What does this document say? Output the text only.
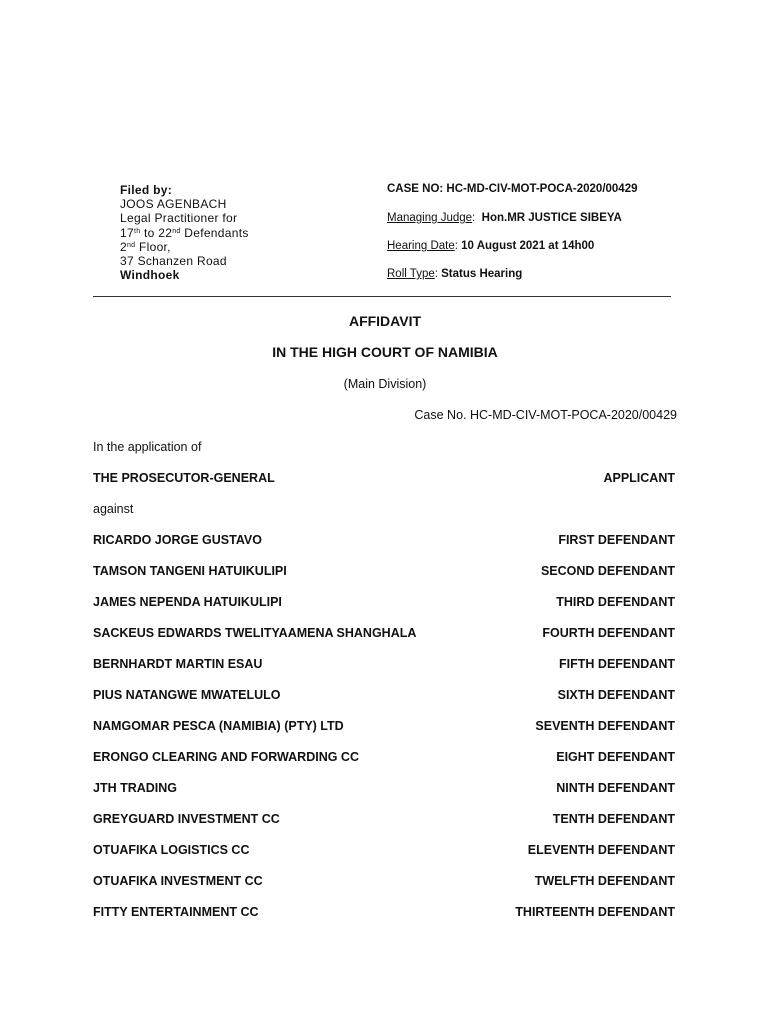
Filed by:
JOOS AGENBACH
Legal Practitioner for
17th to 22nd Defendants
2nd Floor,
37 Schanzen Road
Windhoek
CASE NO: HC-MD-CIV-MOT-POCA-2020/00429
Managing Judge:  Hon.MR JUSTICE SIBEYA
Hearing Date: 10 August 2021 at 14h00
Roll Type: Status Hearing
AFFIDAVIT
IN THE HIGH COURT OF NAMIBIA
(Main Division)
Case No. HC-MD-CIV-MOT-POCA-2020/00429
In the application of
THE PROSECUTOR-GENERAL	APPLICANT
against
RICARDO JORGE GUSTAVO	FIRST DEFENDANT
TAMSON TANGENI HATUIKULIPI	SECOND DEFENDANT
JAMES NEPENDA HATUIKULIPI	THIRD DEFENDANT
SACKEUS EDWARDS TWELITYAAMENA SHANGHALA	FOURTH DEFENDANT
BERNHARDT MARTIN ESAU	FIFTH DEFENDANT
PIUS NATANGWE MWATELULO	SIXTH DEFENDANT
NAMGOMAR PESCA (NAMIBIA) (PTY) LTD	SEVENTH DEFENDANT
ERONGO CLEARING AND FORWARDING CC	EIGHT DEFENDANT
JTH TRADING	NINTH DEFENDANT
GREYGUARD INVESTMENT CC	TENTH DEFENDANT
OTUAFIKA LOGISTICS CC	ELEVENTH DEFENDANT
OTUAFIKA INVESTMENT CC	TWELFTH DEFENDANT
FITTY ENTERTAINMENT CC	THIRTEENTH DEFENDANT
